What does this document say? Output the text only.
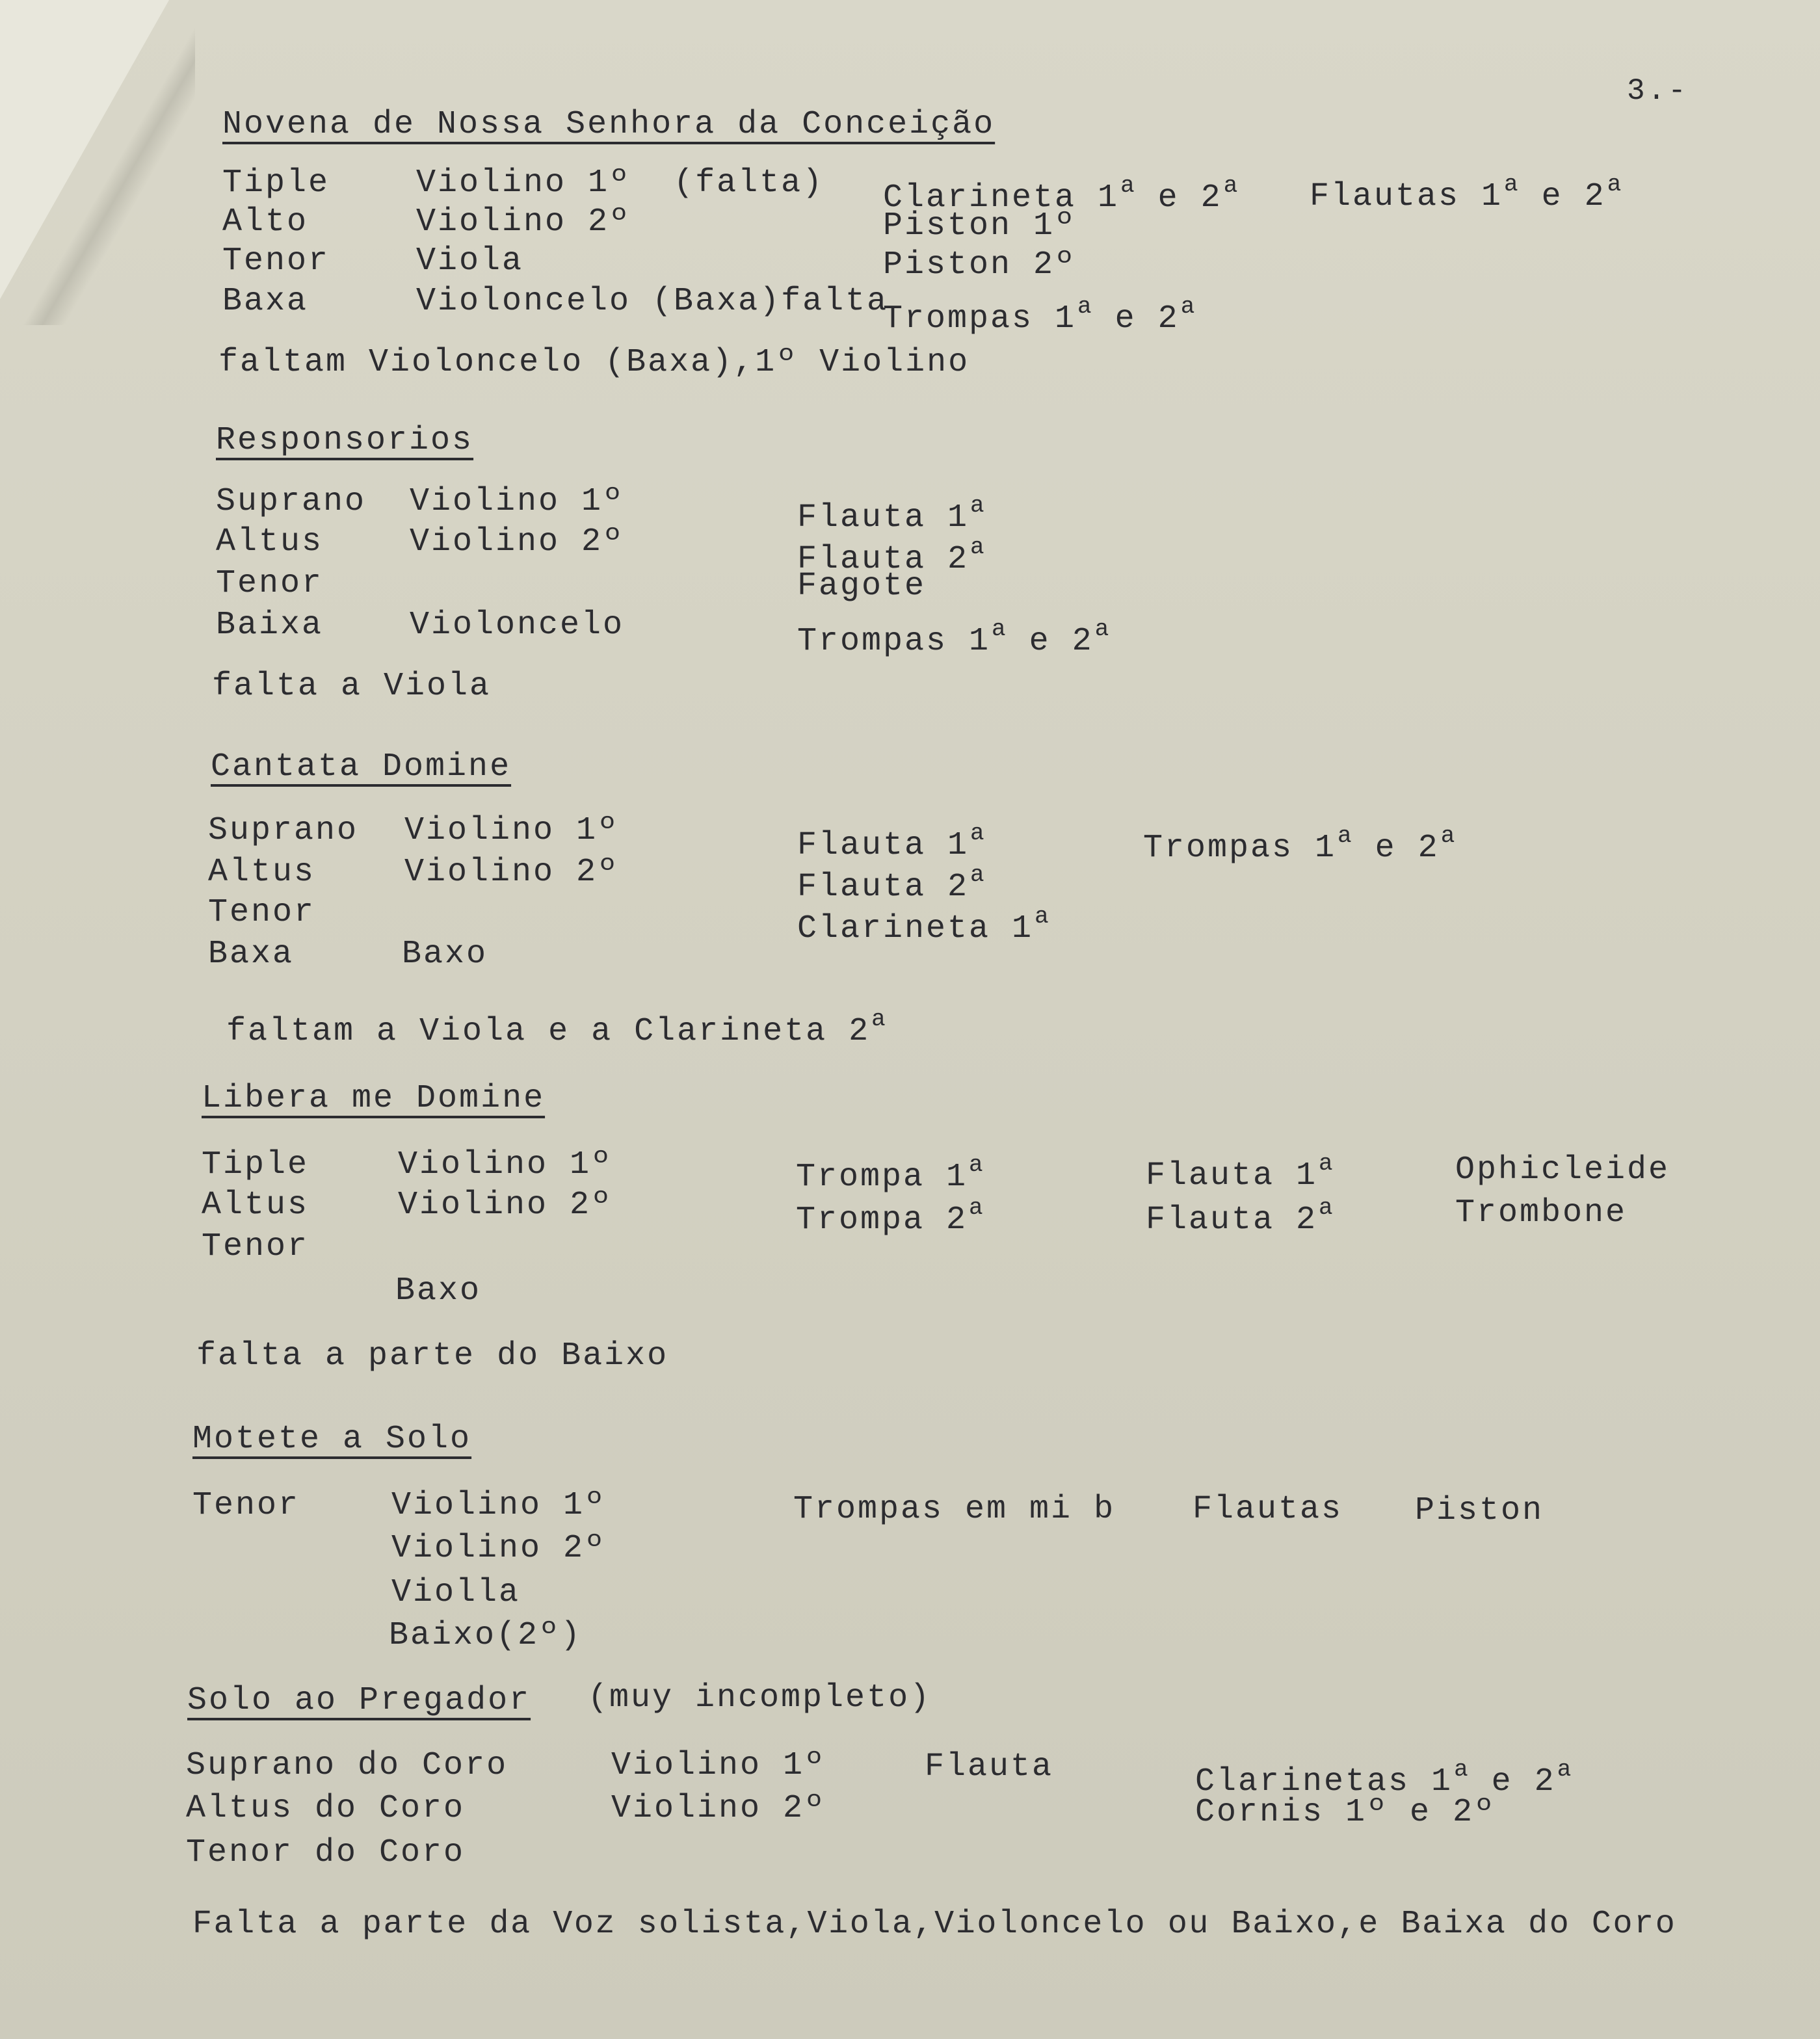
3.-
Novena de Nossa Senhora da Conceição
Tiple
Alto
Tenor
Baxa
Violino 1º  (falta)
Violino 2º
Viola
Violoncelo (Baxa)falta
Clarineta 1$^a$ e 2$^a$
Piston 1º
Piston 2º
Trompas 1$^a$ e 2$^a$
Flautas 1$^a$ e 2$^a$
faltam Violoncelo (Baxa),1º Violino
Responsorios
Suprano
Altus
Tenor
Baixa
Violino 1º
Violino 2º
Violoncelo
Flauta 1$^a$
Flauta 2$^a$
Fagote
Trompas 1$^a$ e 2$^a$
falta a Viola
Cantata Domine
Suprano
Altus
Tenor
Baxa
Violino 1º
Violino 2º
Baxo
Flauta 1$^a$
Flauta 2$^a$
Clarineta 1$^a$
Trompas 1$^a$ e 2$^a$
faltam a Viola e a Clarineta 2$^a$
Libera me Domine
Tiple
Altus
Tenor
Violino 1º
Violino 2º
Baxo
Trompa 1$^a$
Trompa 2$^a$
Flauta 1$^a$
Flauta 2$^a$
Ophicleide
Trombone
falta a parte do Baixo
Motete a Solo
Tenor	Violino 1º
Violino 2º
Violla
Baixo(2º)
Trompas em mi b Flautas Piston
Solo ao Pregador (muy incompleto)
Suprano do Coro
Altus do Coro
Tenor do Coro
Violino 1º
Violino 2º
Flauta	Clarinetas 1$^a$ e 2$^a$
Cornis 1º e 2º
Falta a parte da Voz solista,Viola,Violoncelo ou Baixo,e Baixa do Coro
